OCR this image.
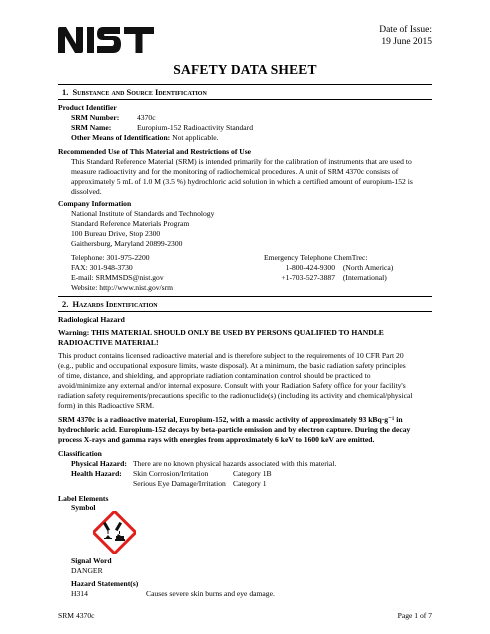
Date of Issue:
19 June 2015
SAFETY DATA SHEET
1. Substance and Source Identification
Product Identifier
SRM Number: 4370c
SRM Name:	Europium-152 Radioactivity Standard
Other Means of Identification: Not applicable.
Recommended Use of This Material and Restrictions of Use
This Standard Reference Material (SRM) is intended primarily for the calibration of instruments that are used to
measure radioactivity and for the monitoring of radiochemical procedures. A unit of SRM 4370c consists of
approximately 5 mL of 1.0 M (3.5 %) hydrochloric acid solution in which a certified amount of europium-152 is
dissolved.
Company Information
National Institute of Standards and Technology
Standard Reference Materials Program
100 Bureau Drive, Stop 2300
Gaithersburg, Maryland 20899-2300
Telephone: 301-975-2200
FAX: 301-948-3730
E-mail: SRMMSDS@nist.gov
Website: http://www.nist.gov/srm
Emergency Telephone ChemTrec:
1-800-424-9300 (North America)
+1-703-527-3887 (International)
2. Hazards Identification
Radiological Hazard
Warning: THIS MATERIAL SHOULD ONLY BE USED BY PERSONS QUALIFIED TO HANDLE
RADIOACTIVE MATERIAL!
This product contains licensed radioactive material and is therefore subject to the requirements of 10 CFR Part 20
(e.g., public and occupational exposure limits, waste disposal). At a minimum, the basic radiation safety principles
of time, distance, and shielding, and appropriate radiation contamination control should be practiced to
avoid/minimize any external and/or internal exposure. Consult with your Radiation Safety office for your facility's
radiation safety requirements/precautions specific to the radionuclide(s) (including its activity and chemical/physical
form) in this Radioactive SRM.
SRM 4370c is a radioactive material, Europium-152, with a massic activity of approximately 93 kBq·g⁻¹ in
hydrochloric acid. Europium-152 decays by beta-particle emission and by electron capture. During the decay
process X-rays and gamma rays with energies from approximately 6 keV to 1600 keV are emitted.
Classification
Physical Hazard: There are no known physical hazards associated with this material.
Health Hazard: Skin Corrosion/Irritation	Category 1B
Serious Eye Damage/Irritation Category 1
Label Elements
Symbol
Signal Word
DANGER
Hazard Statement(s)
H314	Causes severe skin burns and eye damage.
SRM 4370c	Page 1 of 7
